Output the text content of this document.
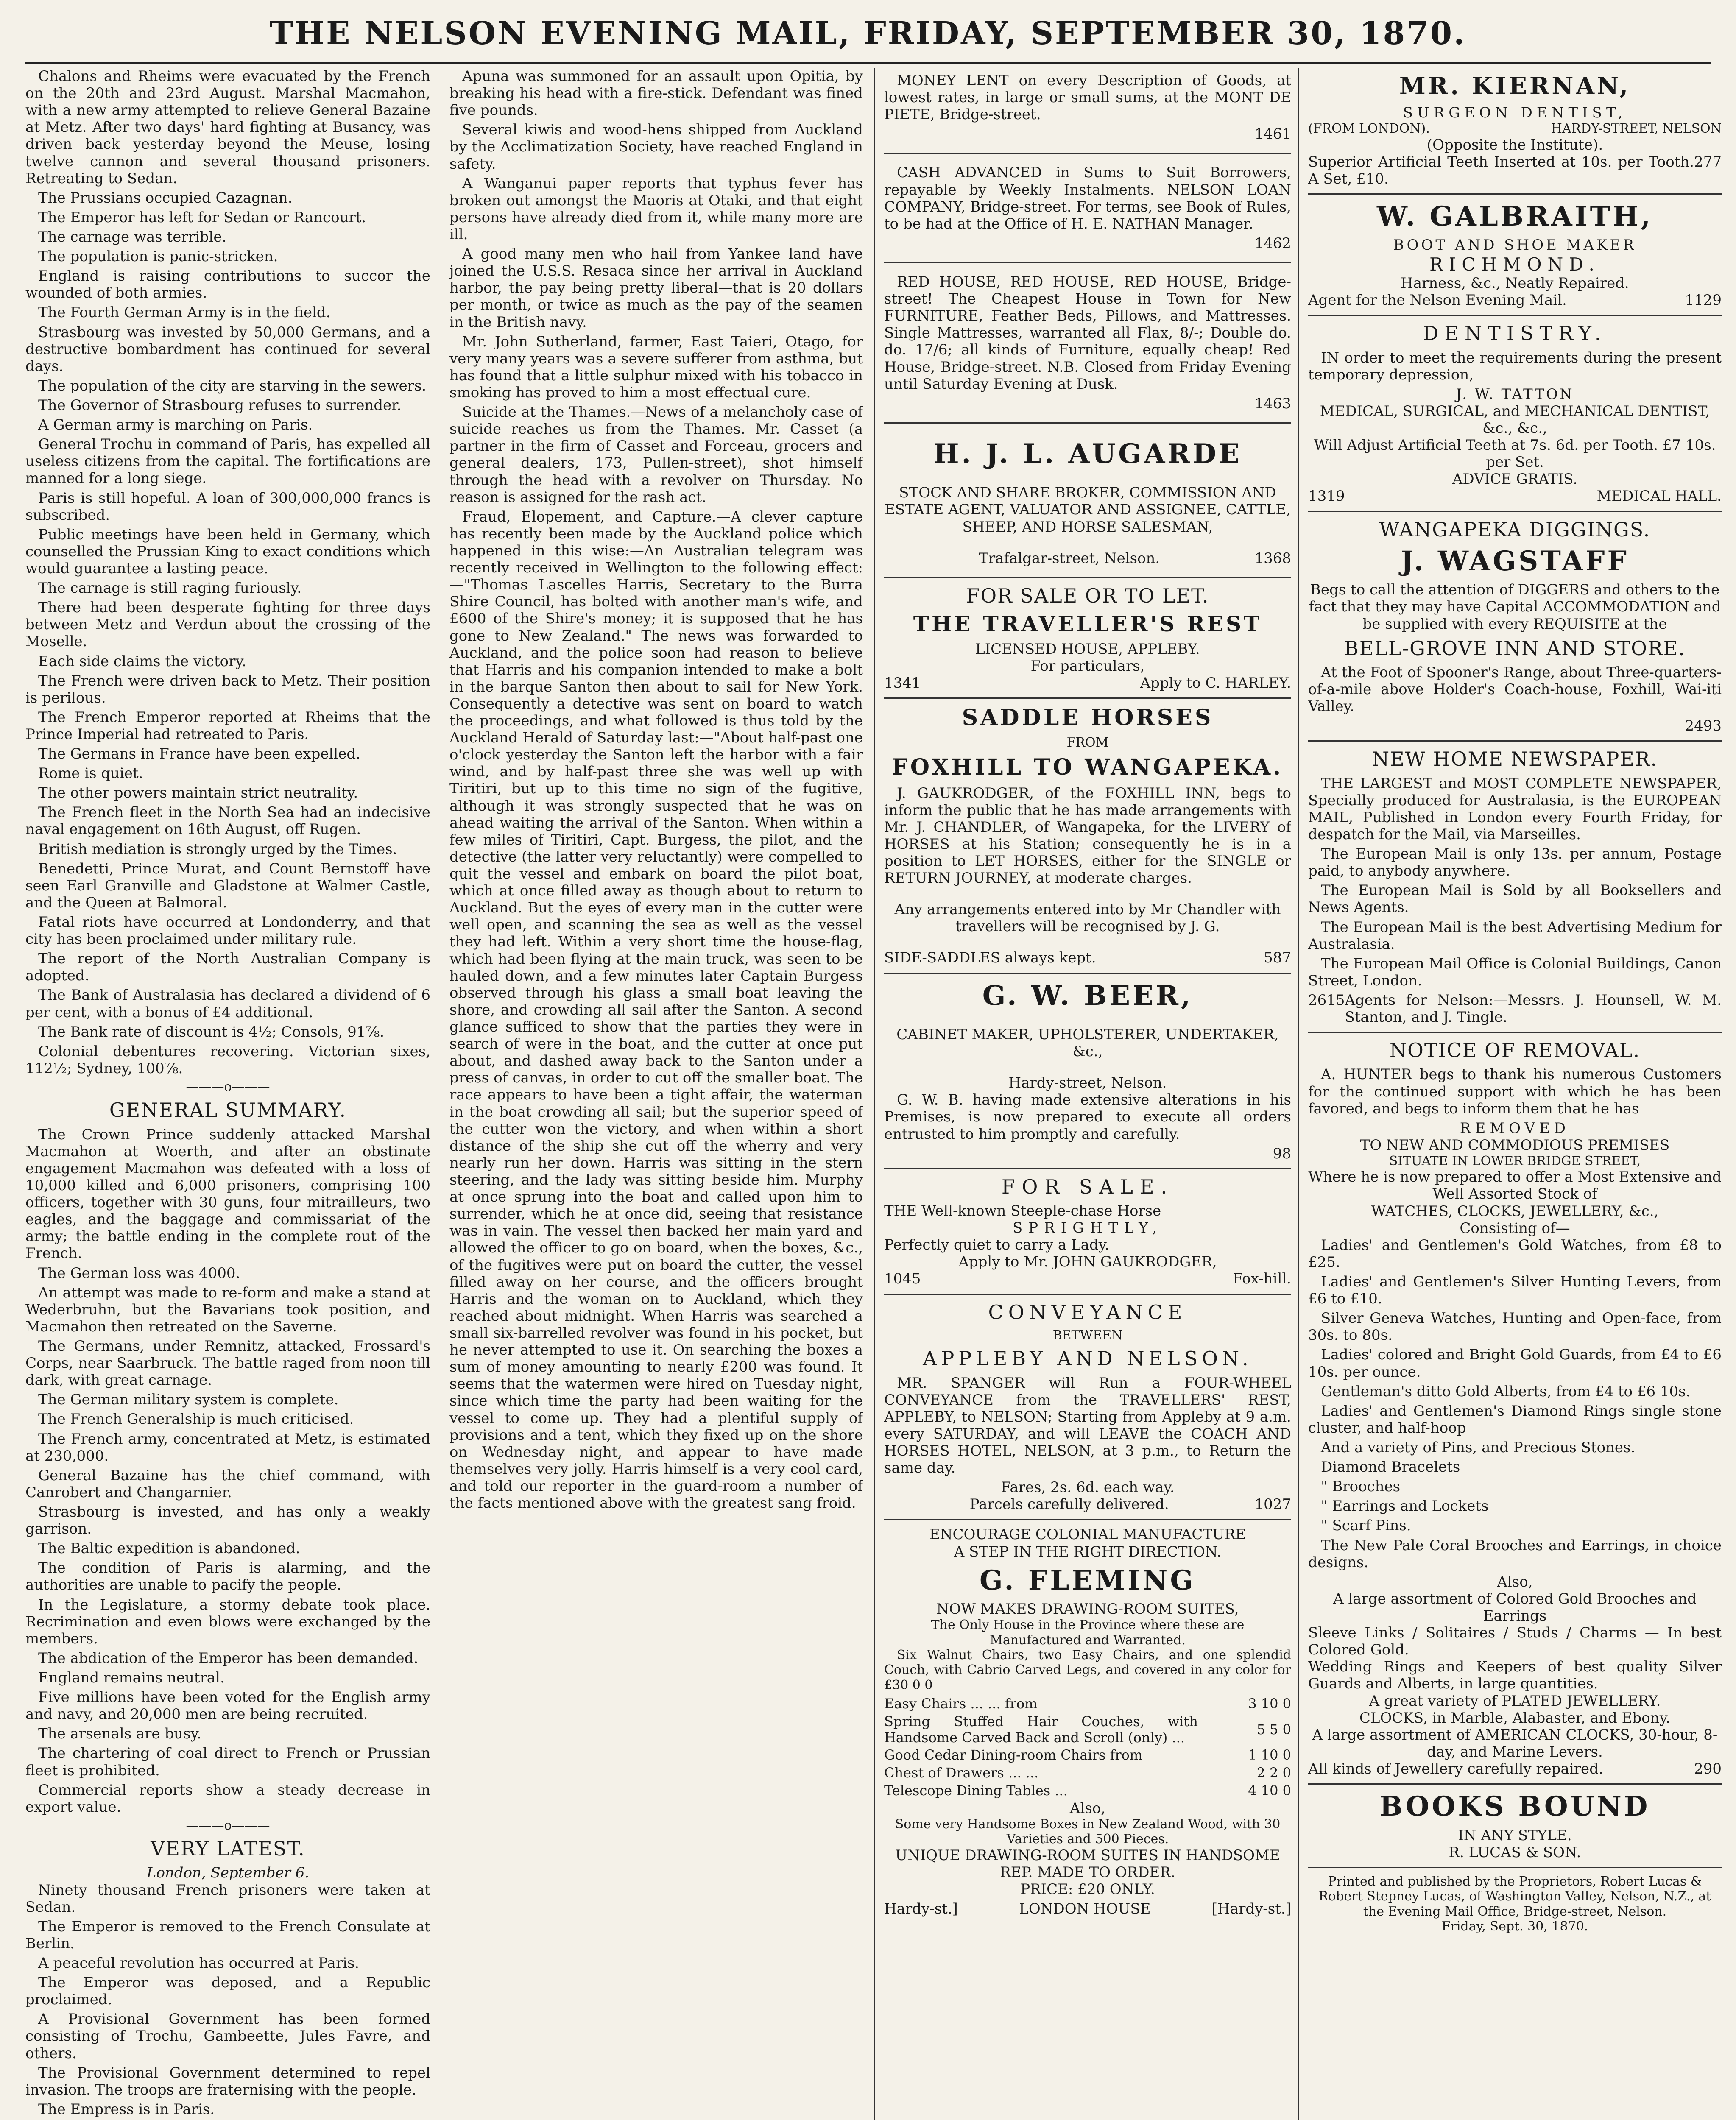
THE NELSON EVENING MAIL, FRIDAY, SEPTEMBER 30, 1870.

Chalons and Rheims were evacuated by the French on the 20th and 23rd August. Marshal Macmahon, with a new army attempted to relieve General Bazaine at Metz. After two days' hard fighting at Busancy, was driven back yesterday beyond the Meuse, losing twelve cannon and several thousand prisoners. Retreating to Sedan.

The Prussians occupied Cazagnan.

The Emperor has left for Sedan or Rancourt.

The carnage was terrible.

The population is panic-stricken.

England is raising contributions to succor the wounded of both armies.

The Fourth German Army is in the field.

Strasbourg was invested by 50,000 Germans, and a destructive bombardment has continued for several days.

The population of the city are starving in the sewers.

The Governor of Strasbourg refuses to surrender.

A German army is marching on Paris.

General Trochu in command of Paris, has expelled all useless citizens from the capital. The fortifications are manned for a long siege.

Paris is still hopeful. A loan of 300,000,000 francs is subscribed.

Public meetings have been held in Germany, which counselled the Prussian King to exact conditions which would guarantee a lasting peace.

The carnage is still raging furiously.

There had been desperate fighting for three days between Metz and Verdun about the crossing of the Moselle.

Each side claims the victory.

The French were driven back to Metz. Their position is perilous.

The French Emperor reported at Rheims that the Prince Imperial had retreated to Paris.

The Germans in France have been expelled.

Rome is quiet.

The other powers maintain strict neutrality.

The French fleet in the North Sea had an indecisive naval engagement on 16th August, off Rugen.

British mediation is strongly urged by the Times.

Benedetti, Prince Murat, and Count Bernstoff have seen Earl Granville and Gladstone at Walmer Castle, and the Queen at Balmoral.

Fatal riots have occurred at Londonderry, and that city has been proclaimed under military rule.

The report of the North Australian Company is adopted.

The Bank of Australasia has declared a dividend of 6 per cent, with a bonus of £4 additional.

The Bank rate of discount is 4½; Consols, 91⅞.

Colonial debentures recovering. Victorian sixes, 112½; Sydney, 100⅞.

———o———
GENERAL SUMMARY.

The Crown Prince suddenly attacked Marshal Macmahon at Woerth, and after an obstinate engagement Macmahon was defeated with a loss of 10,000 killed and 6,000 prisoners, comprising 100 officers, together with 30 guns, four mitrailleurs, two eagles, and the baggage and commissariat of the army; the battle ending in the complete rout of the French.

The German loss was 4000.

An attempt was made to re-form and make a stand at Wederbruhn, but the Bavarians took position, and Macmahon then retreated on the Saverne.

The Germans, under Remnitz, attacked, Frossard's Corps, near Saarbruck. The battle raged from noon till dark, with great carnage.

The German military system is complete.

The French Generalship is much criticised.

The French army, concentrated at Metz, is estimated at 230,000.

General Bazaine has the chief command, with Canrobert and Changarnier.

Strasbourg is invested, and has only a weakly garrison.

The Baltic expedition is abandoned.

The condition of Paris is alarming, and the authorities are unable to pacify the people.

In the Legislature, a stormy debate took place. Recrimination and even blows were exchanged by the members.

The abdication of the Emperor has been demanded.

England remains neutral.

Five millions have been voted for the English army and navy, and 20,000 men are being recruited.

The arsenals are busy.

The chartering of coal direct to French or Prussian fleet is prohibited.

Commercial reports show a steady decrease in export value.

———o———
VERY LATEST.
London, September 6.

Ninety thousand French prisoners were taken at Sedan.

The Emperor is removed to the French Consulate at Berlin.

A peaceful revolution has occurred at Paris.

The Emperor was deposed, and a Republic proclaimed.

A Provisional Government has been formed consisting of Trochu, Gambeette, Jules Favre, and others.

The Provisional Government determined to repel invasion. The troops are fraternising with the people.

The Empress is in Paris.

Apuna was summoned for an assault upon Opitia, by breaking his head with a fire-stick. Defendant was fined five pounds.

Several kiwis and wood-hens shipped from Auckland by the Acclimatization Society, have reached England in safety.

A Wanganui paper reports that typhus fever has broken out amongst the Maoris at Otaki, and that eight persons have already died from it, while many more are ill.

A good many men who hail from Yankee land have joined the U.S.S. Resaca since her arrival in Auckland harbor, the pay being pretty liberal—that is 20 dollars per month, or twice as much as the pay of the seamen in the British navy.

Mr. John Sutherland, farmer, East Taieri, Otago, for very many years was a severe sufferer from asthma, but has found that a little sulphur mixed with his tobacco in smoking has proved to him a most effectual cure.

Suicide at the Thames.—News of a melancholy case of suicide reaches us from the Thames. Mr. Casset (a partner in the firm of Casset and Forceau, grocers and general dealers, 173, Pullen-street), shot himself through the head with a revolver on Thursday. No reason is assigned for the rash act.

Fraud, Elopement, and Capture.—A clever capture has recently been made by the Auckland police which happened in this wise:—An Australian telegram was recently received in Wellington to the following effect:—"Thomas Lascelles Harris, Secretary to the Burra Shire Council, has bolted with another man's wife, and £600 of the Shire's money; it is supposed that he has gone to New Zealand." The news was forwarded to Auckland, and the police soon had reason to believe that Harris and his companion intended to make a bolt in the barque Santon then about to sail for New York. Consequently a detective was sent on board to watch the proceedings, and what followed is thus told by the Auckland Herald of Saturday last:—"About half-past one o'clock yesterday the Santon left the harbor with a fair wind, and by half-past three she was well up with Tiritiri, but up to this time no sign of the fugitive, although it was strongly suspected that he was on ahead waiting the arrival of the Santon. When within a few miles of Tiritiri, Capt. Burgess, the pilot, and the detective (the latter very reluctantly) were compelled to quit the vessel and embark on board the pilot boat, which at once filled away as though about to return to Auckland. But the eyes of every man in the cutter were well open, and scanning the sea as well as the vessel they had left. Within a very short time the house-flag, which had been flying at the main truck, was seen to be hauled down, and a few minutes later Captain Burgess observed through his glass a small boat leaving the shore, and crowding all sail after the Santon. A second glance sufficed to show that the parties they were in search of were in the boat, and the cutter at once put about, and dashed away back to the Santon under a press of canvas, in order to cut off the smaller boat. The race appears to have been a tight affair, the waterman in the boat crowding all sail; but the superior speed of the cutter won the victory, and when within a short distance of the ship she cut off the wherry and very nearly run her down. Harris was sitting in the stern steering, and the lady was sitting beside him. Murphy at once sprung into the boat and called upon him to surrender, which he at once did, seeing that resistance was in vain. The vessel then backed her main yard and allowed the officer to go on board, when the boxes, &c., of the fugitives were put on board the cutter, the vessel filled away on her course, and the officers brought Harris and the woman on to Auckland, which they reached about midnight. When Harris was searched a small six-barrelled revolver was found in his pocket, but he never attempted to use it. On searching the boxes a sum of money amounting to nearly £200 was found. It seems that the watermen were hired on Tuesday night, since which time the party had been waiting for the vessel to come up. They had a plentiful supply of provisions and a tent, which they fixed up on the shore on Wednesday night, and appear to have made themselves very jolly. Harris himself is a very cool card, and told our reporter in the guard-room a number of the facts mentioned above with the greatest sang froid.

MONEY LENT on every Description of Goods, at lowest rates, in large or small sums, at the MONT DE PIETE, Bridge-street.

1461

CASH ADVANCED in Sums to Suit Borrowers, repayable by Weekly Instalments. NELSON LOAN COMPANY, Bridge-street. For terms, see Book of Rules, to be had at the Office of H. E. NATHAN Manager.

1462

RED HOUSE, RED HOUSE, RED HOUSE, Bridge-street! The Cheapest House in Town for New FURNITURE, Feather Beds, Pillows, and Mattresses. Single Mattresses, warranted all Flax, 8/-; Double do. do. 17/6; all kinds of Furniture, equally cheap! Red House, Bridge-street. N.B. Closed from Friday Evening until Saturday Evening at Dusk.

1463
H. J. L. AUGARDE

STOCK AND SHARE BROKER, COMMISSION AND ESTATE AGENT, VALUATOR AND ASSIGNEE, CATTLE, SHEEP, AND HORSE SALESMAN,

Trafalgar-street, Nelson.	1368
FOR SALE OR TO LET.
THE TRAVELLER'S REST
LICENSED HOUSE, APPLEBY.
For particulars,
1341	Apply to C. HARLEY.
SADDLE HORSES
FROM
FOXHILL TO WANGAPEKA.

J. GAUKRODGER, of the FOXHILL INN, begs to inform the public that he has made arrangements with Mr. J. CHANDLER, of Wangapeka, for the LIVERY of HORSES at his Station; consequently he is in a position to LET HORSES, either for the SINGLE or RETURN JOURNEY, at moderate charges.

Any arrangements entered into by Mr Chandler with travellers will be recognised by J. G.

SIDE-SADDLES always kept.	587
G. W. BEER,

CABINET MAKER, UPHOLSTERER, UNDERTAKER, &c.,

Hardy-street, Nelson.

G. W. B. having made extensive alterations in his Premises, is now prepared to execute all orders entrusted to him promptly and carefully.

98
FOR SALE.
THE Well-known Steeple-chase Horse
SPRIGHTLY,
Perfectly quiet to carry a Lady.
Apply to Mr. JOHN GAUKRODGER,
1045	Fox-hill.
CONVEYANCE
BETWEEN
APPLEBY AND NELSON.

MR. SPANGER will Run a FOUR-WHEEL CONVEYANCE from the TRAVELLERS' REST, APPLEBY, to NELSON; Starting from Appleby at 9 a.m. every SATURDAY, and will LEAVE the COACH AND HORSES HOTEL, NELSON, at 3 p.m., to Return the same day.

Fares, 2s. 6d. each way.
Parcels carefully delivered.	1027
ENCOURAGE COLONIAL MANUFACTURE
A STEP IN THE RIGHT DIRECTION.
G. FLEMING
NOW MAKES DRAWING-ROOM SUITES,
The Only House in the Province where these are Manufactured and Warranted.

Six Walnut Chairs, two Easy Chairs, and one splendid Couch, with Cabrio Carved Legs, and covered in any color for £30 0 0

Easy Chairs ... ... from	3 10 0
Spring Stuffed Hair Couches, with Handsome Carved Back and Scroll (only) ...	5 5 0
Good Cedar Dining-room Chairs from	1 10 0
Chest of Drawers ... ...	2 2 0
Telescope Dining Tables ...	4 10 0
Also,
Some very Handsome Boxes in New Zealand Wood, with 30 Varieties and 500 Pieces.
UNIQUE DRAWING-ROOM SUITES IN HANDSOME REP. MADE TO ORDER.
PRICE: £20 ONLY.
Hardy-st.]	LONDON HOUSE	[Hardy-st.]
MR. KIERNAN,
SURGEON DENTIST,
(FROM LONDON).	HARDY-STREET, NELSON
(Opposite the Institute).
Superior Artificial Teeth Inserted at 10s. per Tooth. A Set, £10.
277
W. GALBRAITH,
BOOT AND SHOE MAKER
RICHMOND.
Harness, &c., Neatly Repaired.
Agent for the Nelson Evening Mail.	1129
DENTISTRY.

IN order to meet the requirements during the present temporary depression,

J. W. TATTON
MEDICAL, SURGICAL, and MECHANICAL DENTIST, &c., &c.,
Will Adjust Artificial Teeth at 7s. 6d. per Tooth. £7 10s. per Set.
ADVICE GRATIS.
1319	MEDICAL HALL.
WANGAPEKA DIGGINGS.
J. WAGSTAFF
Begs to call the attention of DIGGERS and others to the fact that they may have Capital ACCOMMODATION and be supplied with every REQUISITE at the
BELL-GROVE INN AND STORE.

At the Foot of Spooner's Range, about Three-quarters-of-a-mile above Holder's Coach-house, Foxhill, Wai-iti Valley.

2493
NEW HOME NEWSPAPER.

THE LARGEST and MOST COMPLETE NEWSPAPER, Specially produced for Australasia, is the EUROPEAN MAIL, Published in London every Fourth Friday, for despatch for the Mail, via Marseilles.

The European Mail is only 13s. per annum, Postage paid, to anybody anywhere.

The European Mail is Sold by all Booksellers and News Agents.

The European Mail is the best Advertising Medium for Australasia.

The European Mail Office is Colonial Buildings, Canon Street, London.

2615 Agents for Nelson:—Messrs. J. Hounsell, W. M. Stanton, and J. Tingle.
NOTICE OF REMOVAL.

A. HUNTER begs to thank his numerous Customers for the continued support with which he has been favored, and begs to inform them that he has

REMOVED
TO NEW AND COMMODIOUS PREMISES
SITUATE IN LOWER BRIDGE STREET,
Where he is now prepared to offer a Most Extensive and Well Assorted Stock of
WATCHES, CLOCKS, JEWELLERY, &c.,
Consisting of—

Ladies' and Gentlemen's Gold Watches, from £8 to £25.

Ladies' and Gentlemen's Silver Hunting Levers, from £6 to £10.

Silver Geneva Watches, Hunting and Open-face, from 30s. to 80s.

Ladies' colored and Bright Gold Guards, from £4 to £6 10s. per ounce.

Gentleman's ditto Gold Alberts, from £4 to £6 10s.

Ladies' and Gentlemen's Diamond Rings single stone cluster, and half-hoop

And a variety of Pins, and Precious Stones.

Diamond Bracelets

" Brooches

" Earrings and Lockets

" Scarf Pins.

The New Pale Coral Brooches and Earrings, in choice designs.

Also,
A large assortment of Colored Gold Brooches and Earrings
Sleeve Links / Solitaires / Studs / Charms — In best Colored Gold.
Wedding Rings and Keepers of best quality Silver Guards and Alberts, in large quantities.
A great variety of PLATED JEWELLERY.
CLOCKS, in Marble, Alabaster, and Ebony.
A large assortment of AMERICAN CLOCKS, 30-hour, 8-day, and Marine Levers.
All kinds of Jewellery carefully repaired.	290
BOOKS BOUND
IN ANY STYLE.
R. LUCAS & SON.
Printed and published by the Proprietors, Robert Lucas & Robert Stepney Lucas, of Washington Valley, Nelson, N.Z., at the Evening Mail Office, Bridge-street, Nelson.
Friday, Sept. 30, 1870.
